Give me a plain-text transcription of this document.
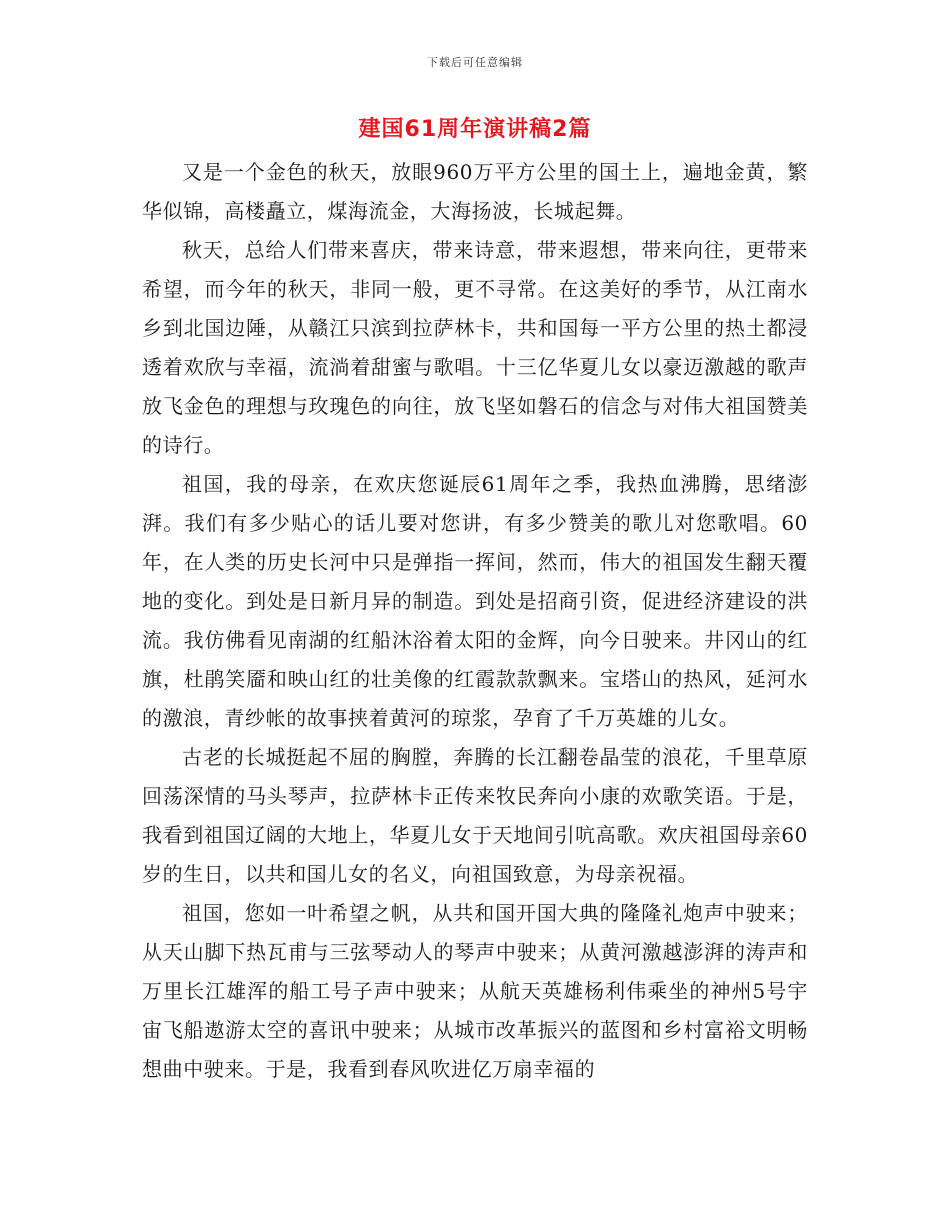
下载后可任意编辑
建国61周年演讲稿2篇

又是一个金色的秋天，放眼960万平方公里的国土上，遍地金黄，繁华似锦，高楼矗立，煤海流金，大海扬波，长城起舞。

秋天，总给人们带来喜庆，带来诗意，带来遐想，带来向往，更带来希望，而今年的秋天，非同一般，更不寻常。在这美好的季节，从江南水乡到北国边陲，从赣江只滨到拉萨林卡，共和国每一平方公里的热土都浸透着欢欣与幸福，流淌着甜蜜与歌唱。十三亿华夏儿女以豪迈激越的歌声放飞金色的理想与玫瑰色的向往，放飞坚如磐石的信念与对伟大祖国赞美的诗行。

祖国，我的母亲，在欢庆您诞辰61周年之季，我热血沸腾，思绪澎湃。我们有多少贴心的话儿要对您讲，有多少赞美的歌儿对您歌唱。60年，在人类的历史长河中只是弹指一挥间，然而，伟大的祖国发生翻天覆地的变化。到处是日新月异的制造。到处是招商引资，促进经济建设的洪流。我仿佛看见南湖的红船沐浴着太阳的金辉，向今日驶来。井冈山的红旗，杜鹃笑靥和映山红的壮美像的红霞款款飘来。宝塔山的热风，延河水的激浪，青纱帐的故事挟着黄河的琼浆，孕育了千万英雄的儿女。

古老的长城挺起不屈的胸膛，奔腾的长江翻卷晶莹的浪花，千里草原回荡深情的马头琴声，拉萨林卡正传来牧民奔向小康的欢歌笑语。于是，我看到祖国辽阔的大地上，华夏儿女于天地间引吭高歌。欢庆祖国母亲60岁的生日，以共和国儿女的名义，向祖国致意，为母亲祝福。

祖国，您如一叶希望之帆，从共和国开国大典的隆隆礼炮声中驶来；从天山脚下热瓦甫与三弦琴动人的琴声中驶来；从黄河激越澎湃的涛声和万里长江雄浑的船工号子声中驶来；从航天英雄杨利伟乘坐的神州5号宇宙飞船遨游太空的喜讯中驶来；从城市改革振兴的蓝图和乡村富裕文明畅想曲中驶来。于是，我看到春风吹进亿万扇幸福的
